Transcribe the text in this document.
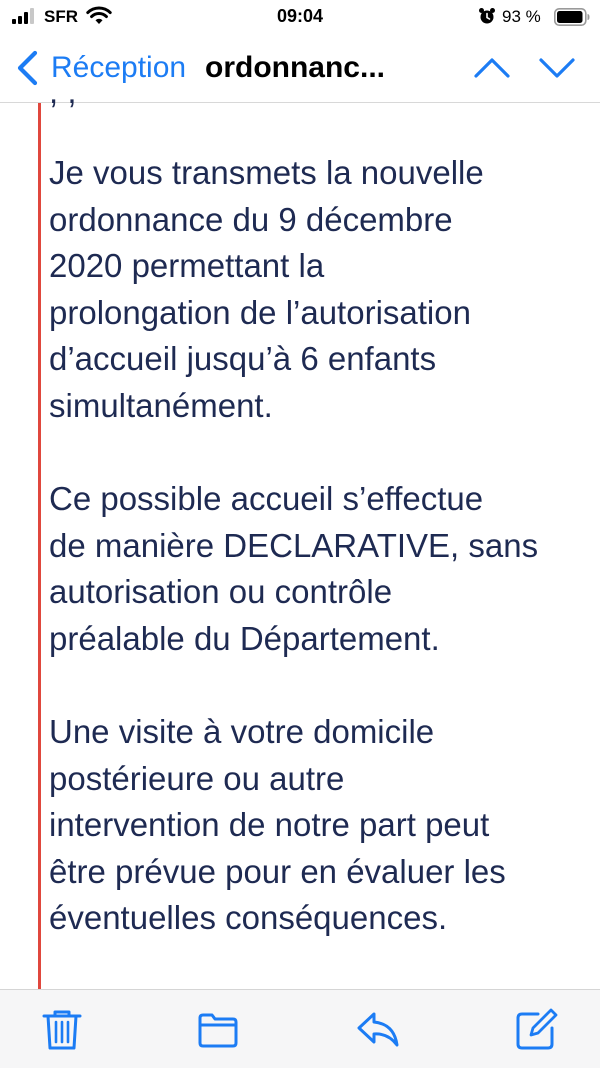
SFR	09:04	93 %
Réception ordonnanc...

, ,

Je vous transmets la nouvelle
ordonnance du 9 décembre
2020 permettant la
prolongation de l’autorisation
d’accueil jusqu’à 6 enfants
simultanément.

Ce possible accueil s’effectue
de manière DECLARATIVE, sans
autorisation ou contrôle
préalable du Département.

Une visite à votre domicile
postérieure ou autre
intervention de notre part peut
être prévue pour en évaluer les
éventuelles conséquences.
